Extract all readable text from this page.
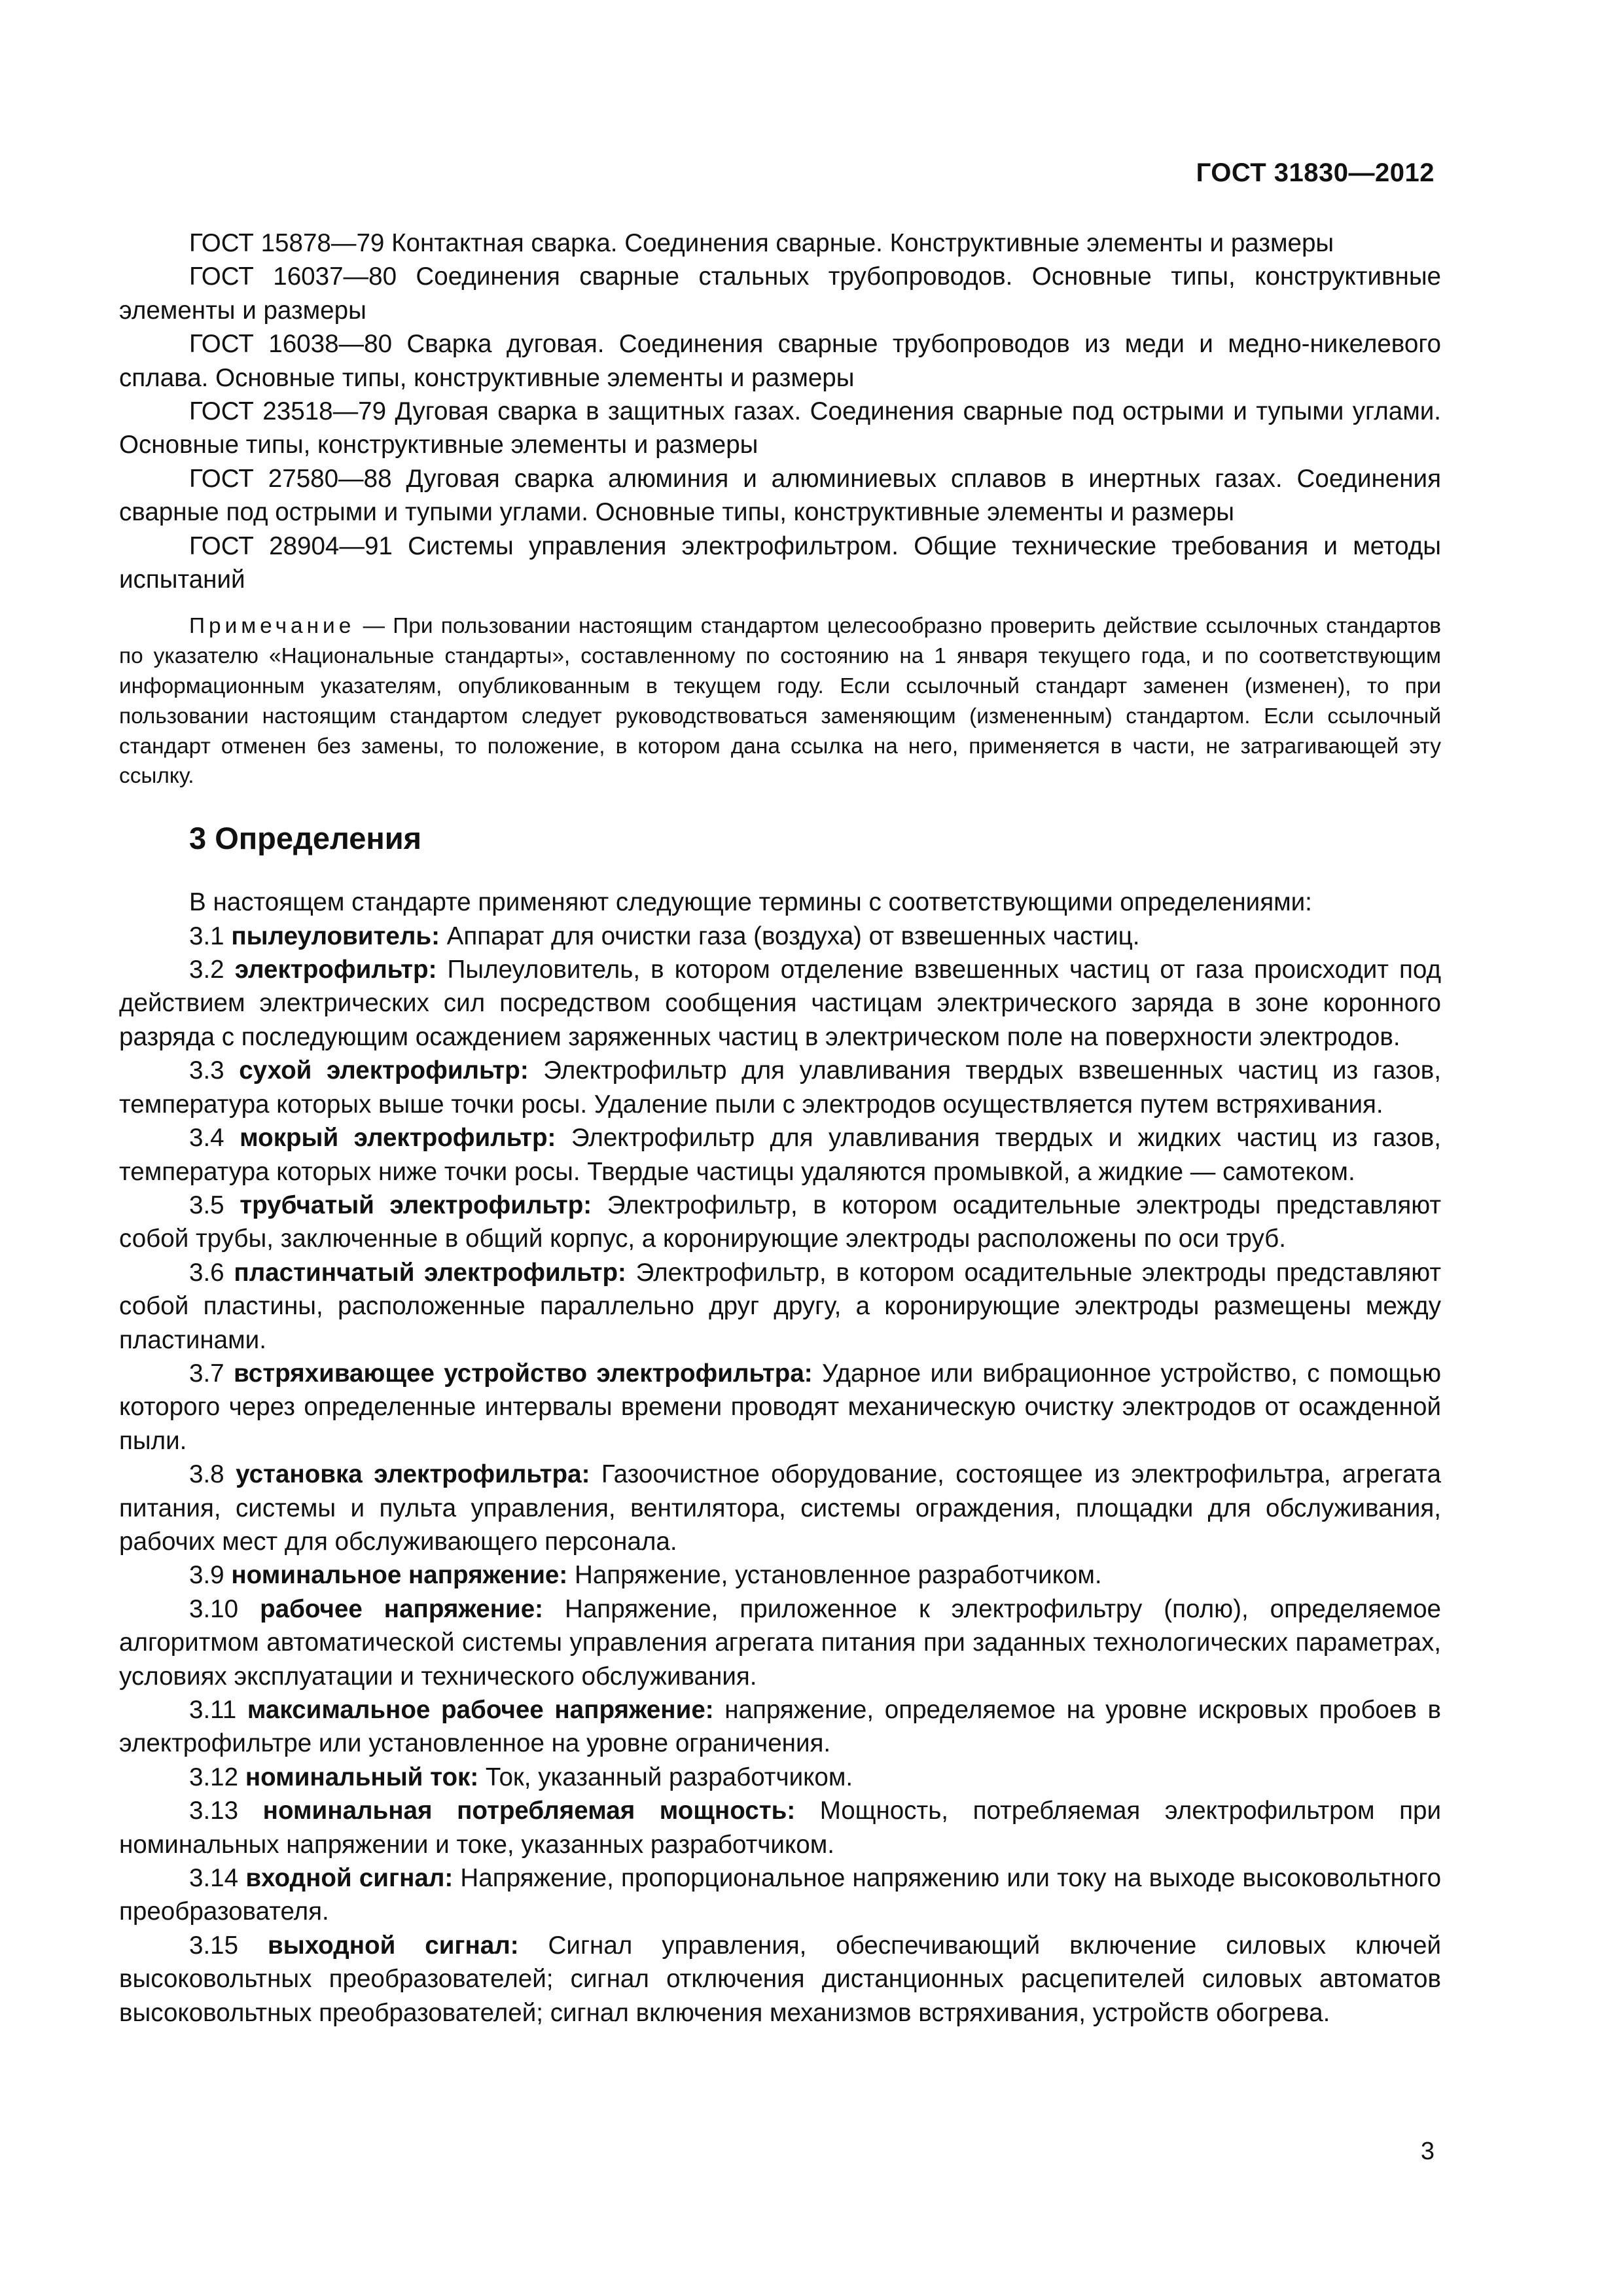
ГОСТ 31830—2012

ГОСТ 15878—79 Контактная сварка. Соединения сварные. Конструктивные элементы и размеры

ГОСТ 16037—80 Соединения сварные стальных трубопроводов. Основные типы, конструктивные элементы и размеры

ГОСТ 16038—80 Сварка дуговая. Соединения сварные трубопроводов из меди и медно-никелевого сплава. Основные типы, конструктивные элементы и размеры

ГОСТ 23518—79 Дуговая сварка в защитных газах. Соединения сварные под острыми и тупыми углами. Основные типы, конструктивные элементы и размеры

ГОСТ 27580—88 Дуговая сварка алюминия и алюминиевых сплавов в инертных газах. Соединения сварные под острыми и тупыми углами. Основные типы, конструктивные элементы и размеры

ГОСТ 28904—91 Системы управления электрофильтром. Общие технические требования и методы испытаний

Примечание — При пользовании настоящим стандартом целесообразно проверить действие ссылочных стандартов по указателю «Национальные стандарты», составленному по состоянию на 1 января текущего года, и по соответствующим информационным указателям, опубликованным в текущем году. Если ссылочный стандарт заменен (изменен), то при пользовании настоящим стандартом следует руководствоваться заменяющим (измененным) стандартом. Если ссылочный стандарт отменен без замены, то положение, в котором дана ссылка на него, применяется в части, не затрагивающей эту ссылку.

3 Определения

В настоящем стандарте применяют следующие термины с соответствующими определениями:

3.1 пылеуловитель: Аппарат для очистки газа (воздуха) от взвешенных частиц.

3.2 электрофильтр: Пылеуловитель, в котором отделение взвешенных частиц от газа происходит под действием электрических сил посредством сообщения частицам электрического заряда в зоне коронного разряда с последующим осаждением заряженных частиц в электрическом поле на поверхности электродов.

3.3 сухой электрофильтр: Электрофильтр для улавливания твердых взвешенных частиц из газов, температура которых выше точки росы. Удаление пыли с электродов осуществляется путем встряхивания.

3.4 мокрый электрофильтр: Электрофильтр для улавливания твердых и жидких частиц из газов, температура которых ниже точки росы. Твердые частицы удаляются промывкой, а жидкие — самотеком.

3.5 трубчатый электрофильтр: Электрофильтр, в котором осадительные электроды представляют собой трубы, заключенные в общий корпус, а коронирующие электроды расположены по оси труб.

3.6 пластинчатый электрофильтр: Электрофильтр, в котором осадительные электроды представляют собой пластины, расположенные параллельно друг другу, а коронирующие электроды размещены между пластинами.

3.7 встряхивающее устройство электрофильтра: Ударное или вибрационное устройство, с помощью которого через определенные интервалы времени проводят механическую очистку электродов от осажденной пыли.

3.8 установка электрофильтра: Газоочистное оборудование, состоящее из электрофильтра, агрегата питания, системы и пульта управления, вентилятора, системы ограждения, площадки для обслуживания, рабочих мест для обслуживающего персонала.

3.9 номинальное напряжение: Напряжение, установленное разработчиком.

3.10 рабочее напряжение: Напряжение, приложенное к электрофильтру (полю), определяемое алгоритмом автоматической системы управления агрегата питания при заданных технологических параметрах, условиях эксплуатации и технического обслуживания.

3.11 максимальное рабочее напряжение: напряжение, определяемое на уровне искровых пробоев в электрофильтре или установленное на уровне ограничения.

3.12 номинальный ток: Ток, указанный разработчиком.

3.13 номинальная потребляемая мощность: Мощность, потребляемая электрофильтром при номинальных напряжении и токе, указанных разработчиком.

3.14 входной сигнал: Напряжение, пропорциональное напряжению или току на выходе высоковольтного преобразователя.

3.15 выходной сигнал: Сигнал управления, обеспечивающий включение силовых ключей высоковольтных преобразователей; сигнал отключения дистанционных расцепителей силовых автоматов высоковольтных преобразователей; сигнал включения механизмов встряхивания, устройств обогрева.

3
